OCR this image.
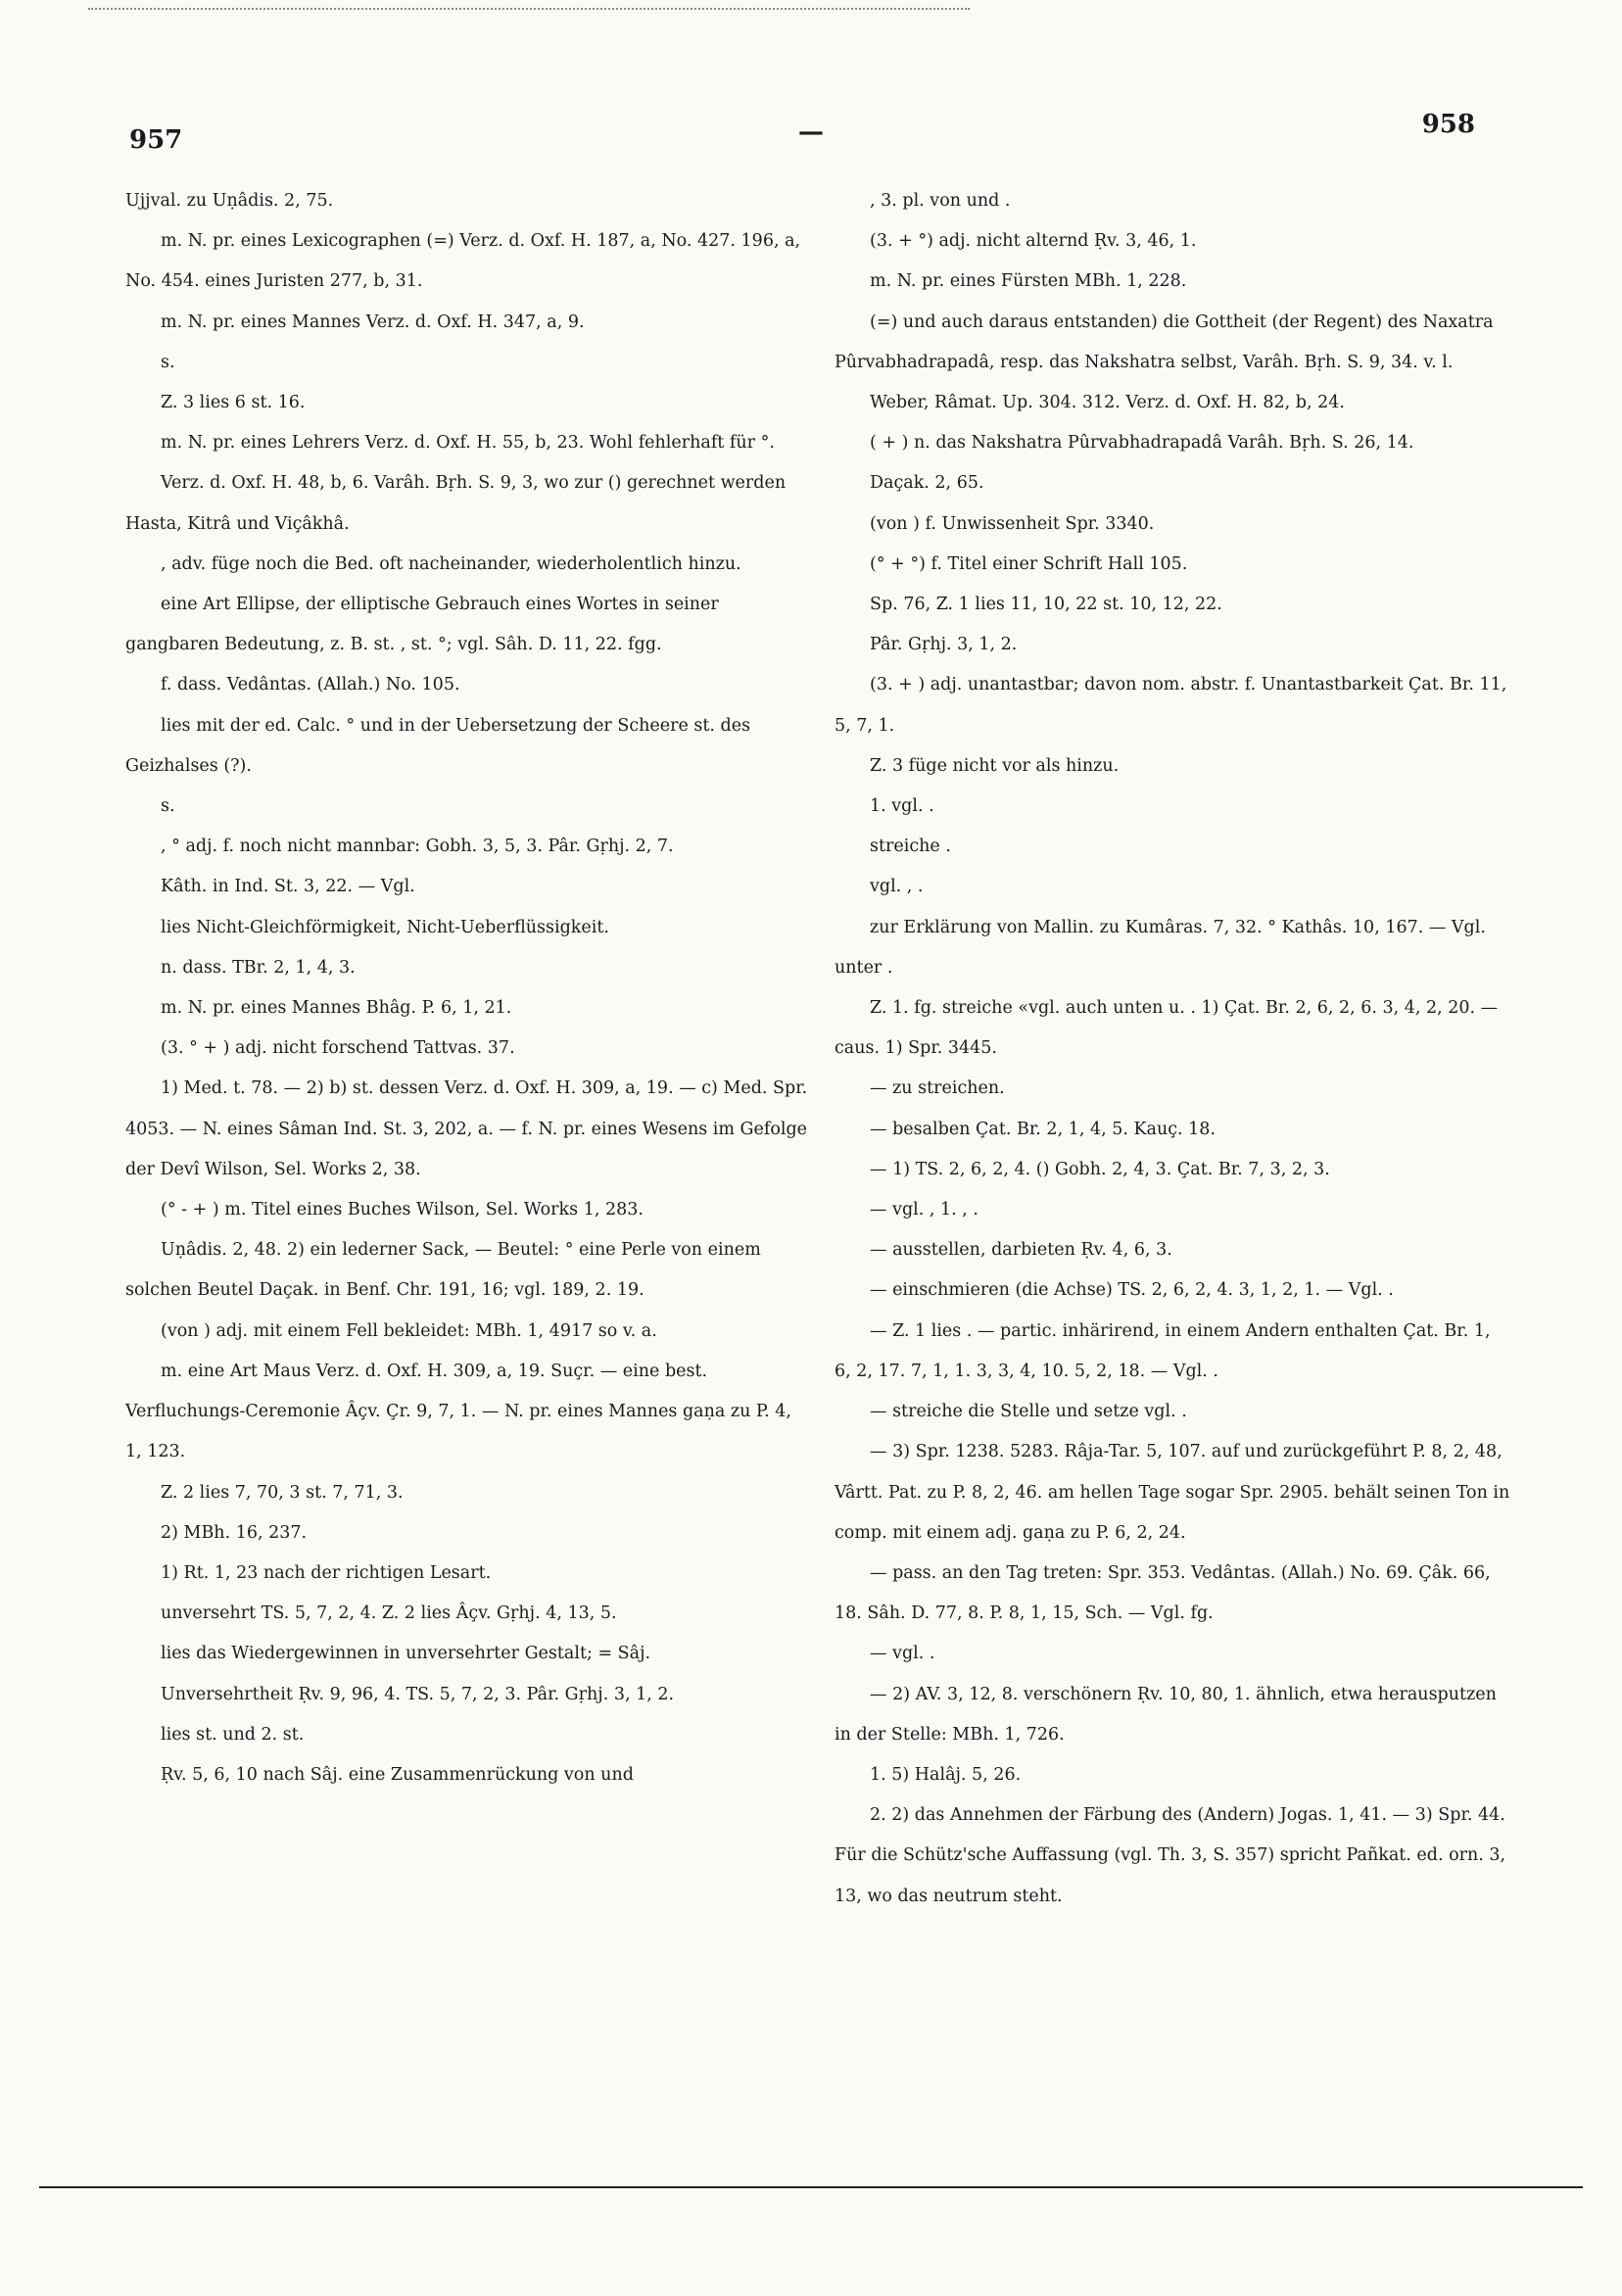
957	—	958

Ujjval. zu Uṇâdis. 2, 75.

m. N. pr. eines Lexicographen (=) Verz. d. Oxf. H. 187, a, No. 427. 196, a, No. 454. eines Juristen 277, b, 31.

m. N. pr. eines Mannes Verz. d. Oxf. H. 347, a, 9.

s.

Z. 3 lies 6 st. 16.

m. N. pr. eines Lehrers Verz. d. Oxf. H. 55, b, 23. Wohl fehlerhaft für °.

Verz. d. Oxf. H. 48, b, 6. Varâh. Bṛh. S. 9, 3, wo zur () gerechnet werden Hasta, Kitrâ und Viçâkhâ.

, adv. füge noch die Bed. oft nacheinander, wiederholentlich hinzu.

eine Art Ellipse, der elliptische Gebrauch eines Wortes in seiner gangbaren Bedeutung, z. B. st. , st. °; vgl. Sâh. D. 11, 22. fgg.

f. dass. Vedântas. (Allah.) No. 105.

lies mit der ed. Calc. ° und in der Uebersetzung der Scheere st. des Geizhalses (?).

s.

, ° adj. f. noch nicht mannbar: Gobh. 3, 5, 3. Pâr. Gṛhj. 2, 7.

Kâth. in Ind. St. 3, 22. — Vgl.

lies Nicht-Gleichförmigkeit, Nicht-Ueberflüssigkeit.

n. dass. TBr. 2, 1, 4, 3.

m. N. pr. eines Mannes Bhâg. P. 6, 1, 21.

(3. ° + ) adj. nicht forschend Tattvas. 37.

1) Med. t. 78. — 2) b) st. dessen Verz. d. Oxf. H. 309, a, 19. — c) Med. Spr. 4053. — N. eines Sâman Ind. St. 3, 202, a. — f. N. pr. eines Wesens im Gefolge der Devî Wilson, Sel. Works 2, 38.

(° - + ) m. Titel eines Buches Wilson, Sel. Works 1, 283.

Uṇâdis. 2, 48. 2) ein lederner Sack, — Beutel: ° eine Perle von einem solchen Beutel Daçak. in Benf. Chr. 191, 16; vgl. 189, 2. 19.

(von ) adj. mit einem Fell bekleidet: MBh. 1, 4917 so v. a.

m. eine Art Maus Verz. d. Oxf. H. 309, a, 19. Suçr. — eine best. Verfluchungs-Ceremonie Âçv. Çr. 9, 7, 1. — N. pr. eines Mannes gaṇa zu P. 4, 1, 123.

Z. 2 lies 7, 70, 3 st. 7, 71, 3.

2) MBh. 16, 237.

1) Rt. 1, 23 nach der richtigen Lesart.

unversehrt TS. 5, 7, 2, 4. Z. 2 lies Âçv. Gṛhj. 4, 13, 5.

lies das Wiedergewinnen in unversehrter Gestalt; = Sâj.

Unversehrtheit Ṛv. 9, 96, 4. TS. 5, 7, 2, 3. Pâr. Gṛhj. 3, 1, 2.

lies st. und 2. st.

Ṛv. 5, 6, 10 nach Sâj. eine Zusammenrückung von und

, 3. pl. von und .

(3. + °) adj. nicht alternd Ṛv. 3, 46, 1.

m. N. pr. eines Fürsten MBh. 1, 228.

(=) und auch daraus entstanden) die Gottheit (der Regent) des Naxatra Pûrvabhadrapadâ, resp. das Nakshatra selbst, Varâh. Bṛh. S. 9, 34. v. l.

Weber, Râmat. Up. 304. 312. Verz. d. Oxf. H. 82, b, 24.

( + ) n. das Nakshatra Pûrvabhadrapadâ Varâh. Bṛh. S. 26, 14.

Daçak. 2, 65.

(von ) f. Unwissenheit Spr. 3340.

(° + °) f. Titel einer Schrift Hall 105.

Sp. 76, Z. 1 lies 11, 10, 22 st. 10, 12, 22.

Pâr. Gṛhj. 3, 1, 2.

(3. + ) adj. unantastbar; davon nom. abstr. f. Unantastbarkeit Çat. Br. 11, 5, 7, 1.

Z. 3 füge nicht vor als hinzu.

1. vgl. .

streiche .

vgl. , .

zur Erklärung von Mallin. zu Kumâras. 7, 32. ° Kathâs. 10, 167. — Vgl. unter .

Z. 1. fg. streiche «vgl. auch unten u. . 1) Çat. Br. 2, 6, 2, 6. 3, 4, 2, 20. — caus. 1) Spr. 3445.

— zu streichen.

— besalben Çat. Br. 2, 1, 4, 5. Kauç. 18.

— 1) TS. 2, 6, 2, 4. () Gobh. 2, 4, 3. Çat. Br. 7, 3, 2, 3.

— vgl. , 1. , .

— ausstellen, darbieten Ṛv. 4, 6, 3.

— einschmieren (die Achse) TS. 2, 6, 2, 4. 3, 1, 2, 1. — Vgl. .

— Z. 1 lies . — partic. inhärirend, in einem Andern enthalten Çat. Br. 1, 6, 2, 17. 7, 1, 1. 3, 3, 4, 10. 5, 2, 18. — Vgl. .

— streiche die Stelle und setze vgl. .

— 3) Spr. 1238. 5283. Râja-Tar. 5, 107. auf und zurückgeführt P. 8, 2, 48, Vârtt. Pat. zu P. 8, 2, 46. am hellen Tage sogar Spr. 2905. behält seinen Ton in comp. mit einem adj. gaṇa zu P. 6, 2, 24.

— pass. an den Tag treten: Spr. 353. Vedântas. (Allah.) No. 69. Çâk. 66, 18. Sâh. D. 77, 8. P. 8, 1, 15, Sch. — Vgl. fg.

— vgl. .

— 2) AV. 3, 12, 8. verschönern Ṛv. 10, 80, 1. ähnlich, etwa herausputzen in der Stelle: MBh. 1, 726.

1. 5) Halâj. 5, 26.

2. 2) das Annehmen der Färbung des (Andern) Jogas. 1, 41. — 3) Spr. 44. Für die Schütz'sche Auffassung (vgl. Th. 3, S. 357) spricht Pañkat. ed. orn. 3, 13, wo das neutrum steht.
